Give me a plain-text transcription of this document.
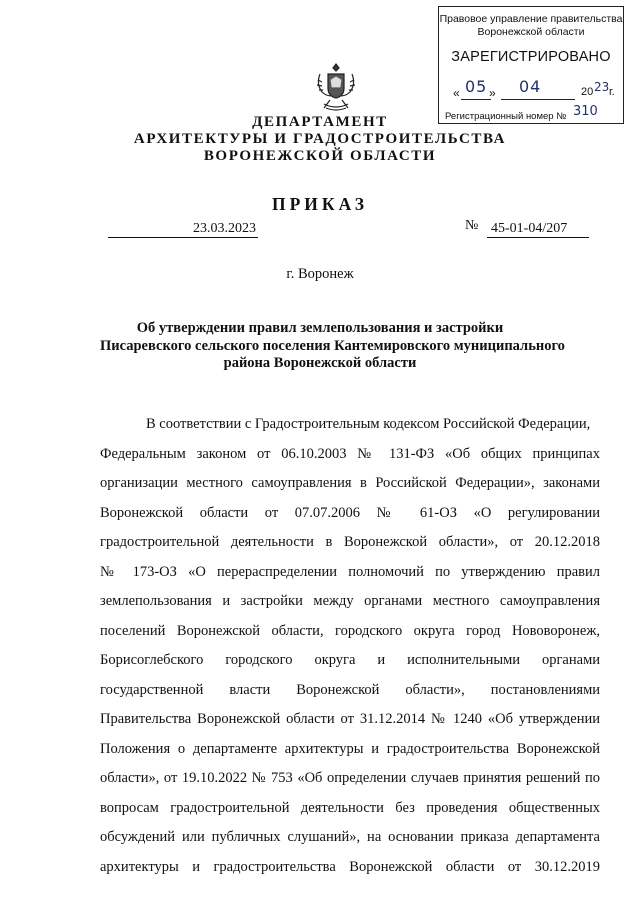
Правовое управление правительства
Воронежской области
ЗАРЕГИСТРИРОВАНО
« 05 » 04	20 23 г.
Регистрационный номер № 310
ДЕПАРТАМЕНТ
АРХИТЕКТУРЫ И ГРАДОСТРОИТЕЛЬСТВА
ВОРОНЕЖСКОЙ ОБЛАСТИ
ПРИКАЗ
23.03.2023	№ 45-01-04/207
г. Воронеж
Об утверждении правил землепользования и застройки
Писаревского сельского поселения Кантемировского муниципального
района Воронежской области
В соответствии с Градостроительным кодексом Российской Федерации,
Федеральным законом от 06.10.2003 № 131-ФЗ «Об общих принципах
организации местного самоуправления в Российской Федерации», законами
Воронежской области от 07.07.2006 № 61-ОЗ «О регулировании
градостроительной деятельности в Воронежской области», от 20.12.2018
№ 173-ОЗ «О перераспределении полномочий по утверждению правил
землепользования и застройки между органами местного самоуправления
поселений Воронежской области, городского округа город Нововоронеж,
Борисоглебского городского округа и исполнительными органами
государственной власти Воронежской области», постановлениями
Правительства Воронежской области от 31.12.2014 № 1240 «Об утверждении
Положения о департаменте архитектуры и градостроительства Воронежской
области», от 19.10.2022 № 753 «Об определении случаев принятия решений по
вопросам градостроительной деятельности без проведения общественных
обсуждений или публичных слушаний», на основании приказа департамента
архитектуры и градостроительства Воронежской области от 30.12.2019
